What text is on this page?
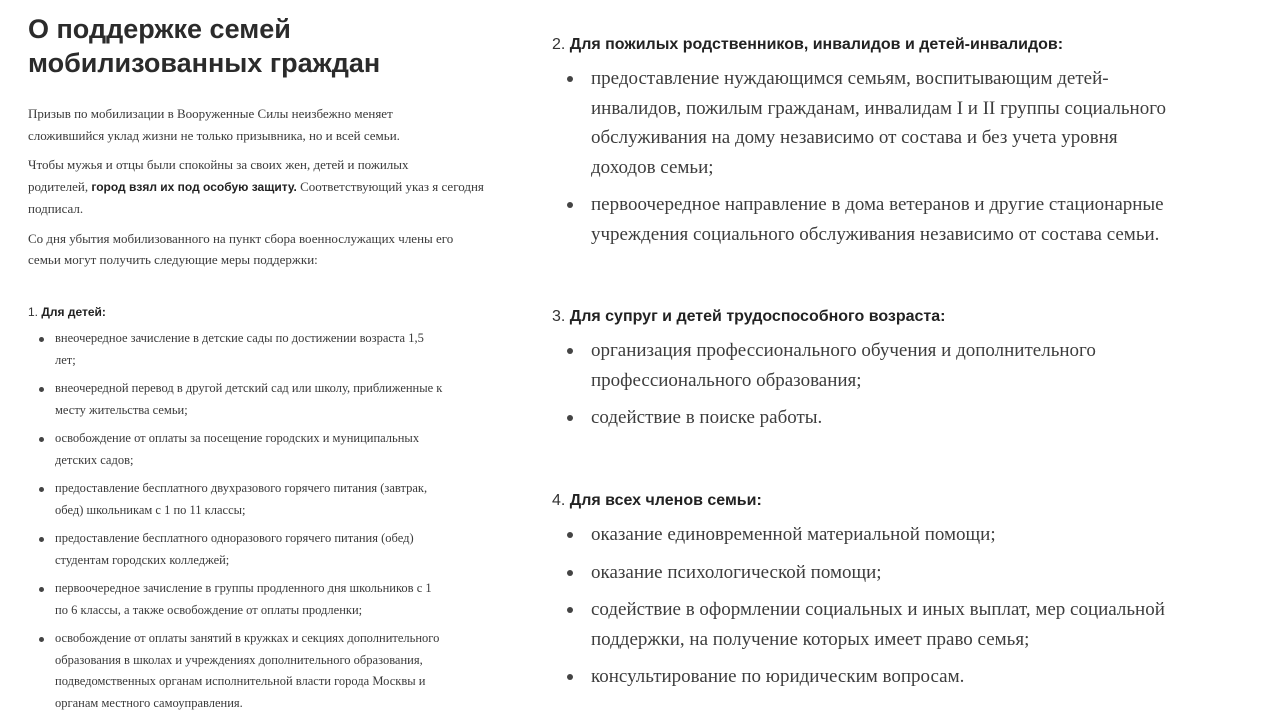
О поддержке семей
мобилизованных граждан

Призыв по мобилизации в Вооруженные Силы неизбежно меняет
сложившийся уклад жизни не только призывника, но и всей семьи.

Чтобы мужья и отцы были спокойны за своих жен, детей и пожилых
родителей, город взял их под особую защиту. Соответствующий указ я сегодня
подписал.

Со дня убытия мобилизованного на пункт сбора военнослужащих члены его
семьи могут получить следующие меры поддержки:

1. Для детей:
внеочередное зачисление в детские сады по достижении возраста 1,5
лет;
внеочередной перевод в другой детский сад или школу, приближенные к
месту жительства семьи;
освобождение от оплаты за посещение городских и муниципальных
детских садов;
предоставление бесплатного двухразового горячего питания (завтрак,
обед) школьникам с 1 по 11 классы;
предоставление бесплатного одноразового горячего питания (обед)
студентам городских колледжей;
первоочередное зачисление в группы продленного дня школьников с 1
по 6 классы, а также освобождение от оплаты продленки;
освобождение от оплаты занятий в кружках и секциях дополнительного
образования в школах и учреждениях дополнительного образования,
подведомственных органам исполнительной власти города Москвы и
органам местного самоуправления.
2. Для пожилых родственников, инвалидов и детей-инвалидов:
предоставление нуждающимся семьям, воспитывающим детей-
инвалидов, пожилым гражданам, инвалидам I и II группы социального
обслуживания на дому независимо от состава и без учета уровня
доходов семьи;
первоочередное направление в дома ветеранов и другие стационарные
учреждения социального обслуживания независимо от состава семьи.
3. Для супруг и детей трудоспособного возраста:
организация профессионального обучения и дополнительного
профессионального образования;
содействие в поиске работы.
4. Для всех членов семьи:
оказание единовременной материальной помощи;
оказание психологической помощи;
содействие в оформлении социальных и иных выплат, мер социальной
поддержки, на получение которых имеет право семья;
консультирование по юридическим вопросам.
